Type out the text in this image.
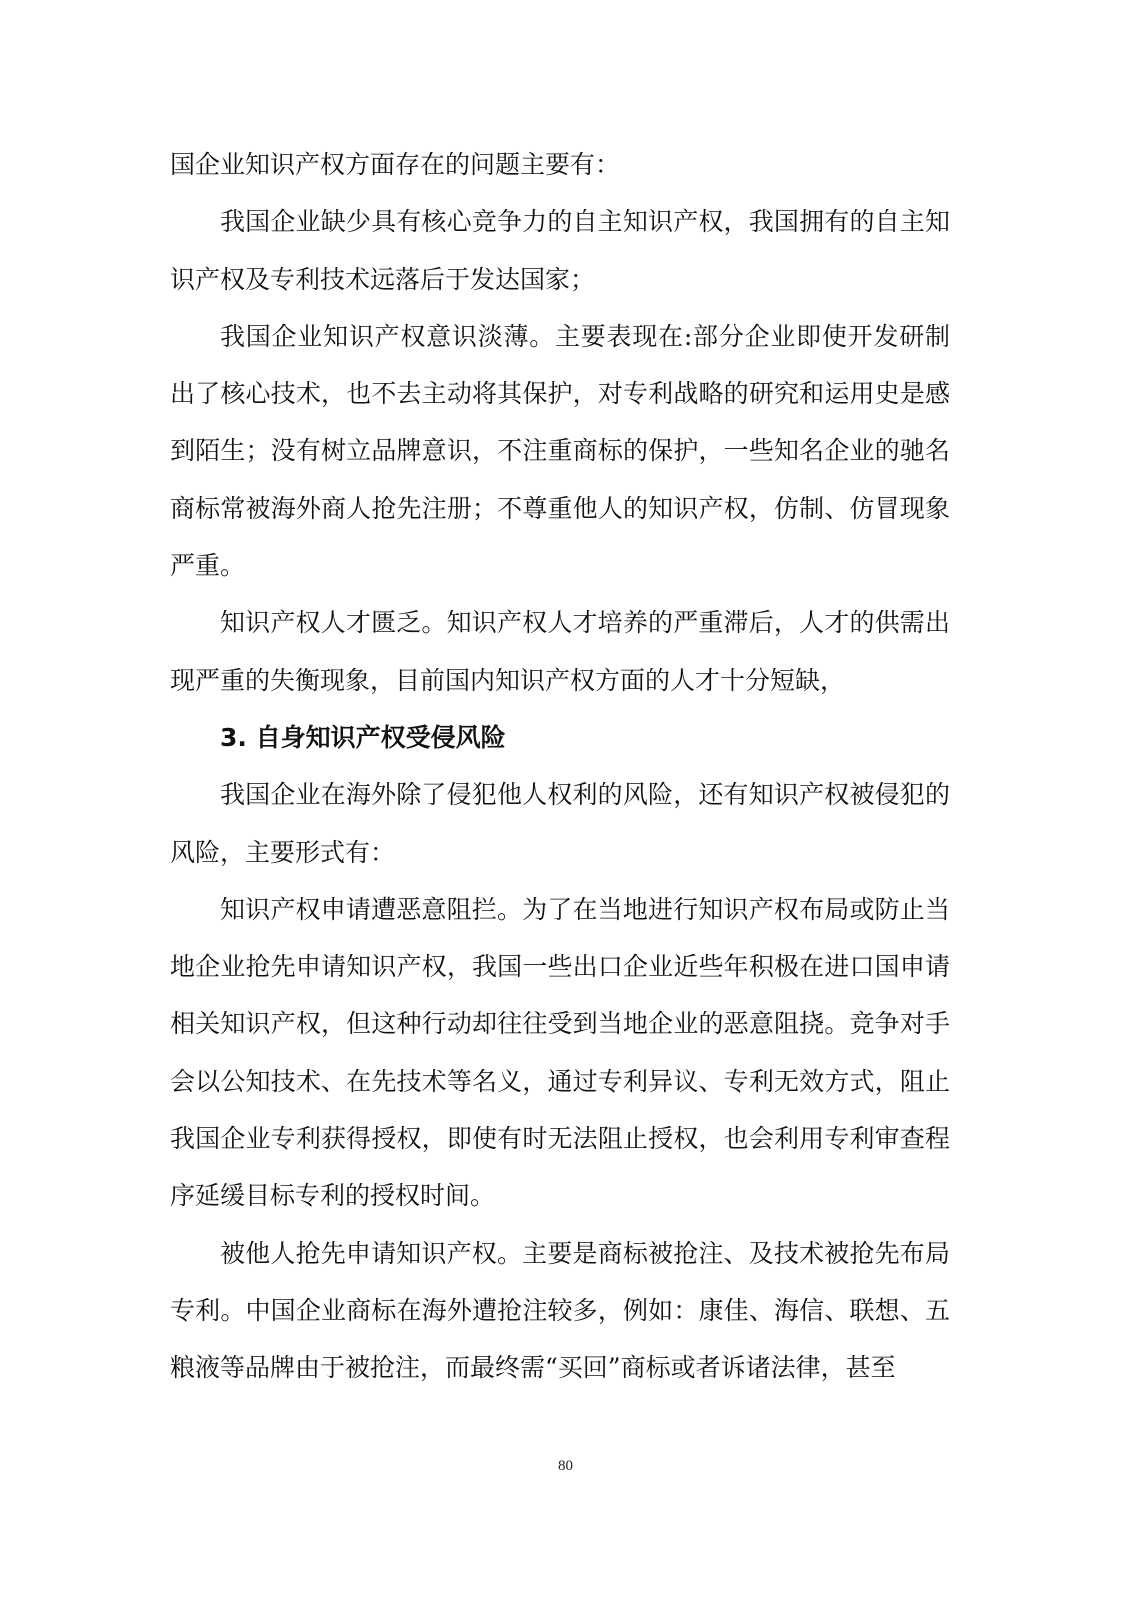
国企业知识产权方面存在的问题主要有：

我国企业缺少具有核心竞争力的自主知识产权，我国拥有的自主知识产权及专利技术远落后于发达国家；

我国企业知识产权意识淡薄。主要表现在:部分企业即使开发研制出了核心技术，也不去主动将其保护，对专利战略的研究和运用史是感到陌生；没有树立品牌意识，不注重商标的保护，一些知名企业的驰名商标常被海外商人抢先注册；不尊重他人的知识产权，仿制、仿冒现象严重。

知识产权人才匮乏。知识产权人才培养的严重滞后，人才的供需出现严重的失衡现象，目前国内知识产权方面的人才十分短缺，

3. 自身知识产权受侵风险

我国企业在海外除了侵犯他人权利的风险，还有知识产权被侵犯的风险，主要形式有：

知识产权申请遭恶意阻拦。为了在当地进行知识产权布局或防止当地企业抢先申请知识产权，我国一些出口企业近些年积极在进口国申请相关知识产权，但这种行动却往往受到当地企业的恶意阻挠。竞争对手会以公知技术、在先技术等名义，通过专利异议、专利无效方式，阻止我国企业专利获得授权，即使有时无法阻止授权，也会利用专利审查程序延缓目标专利的授权时间。

被他人抢先申请知识产权。主要是商标被抢注、及技术被抢先布局专利。中国企业商标在海外遭抢注较多，例如：康佳、海信、联想、五粮液等品牌由于被抢注，而最终需“买回”商标或者诉诸法律，甚至

80
